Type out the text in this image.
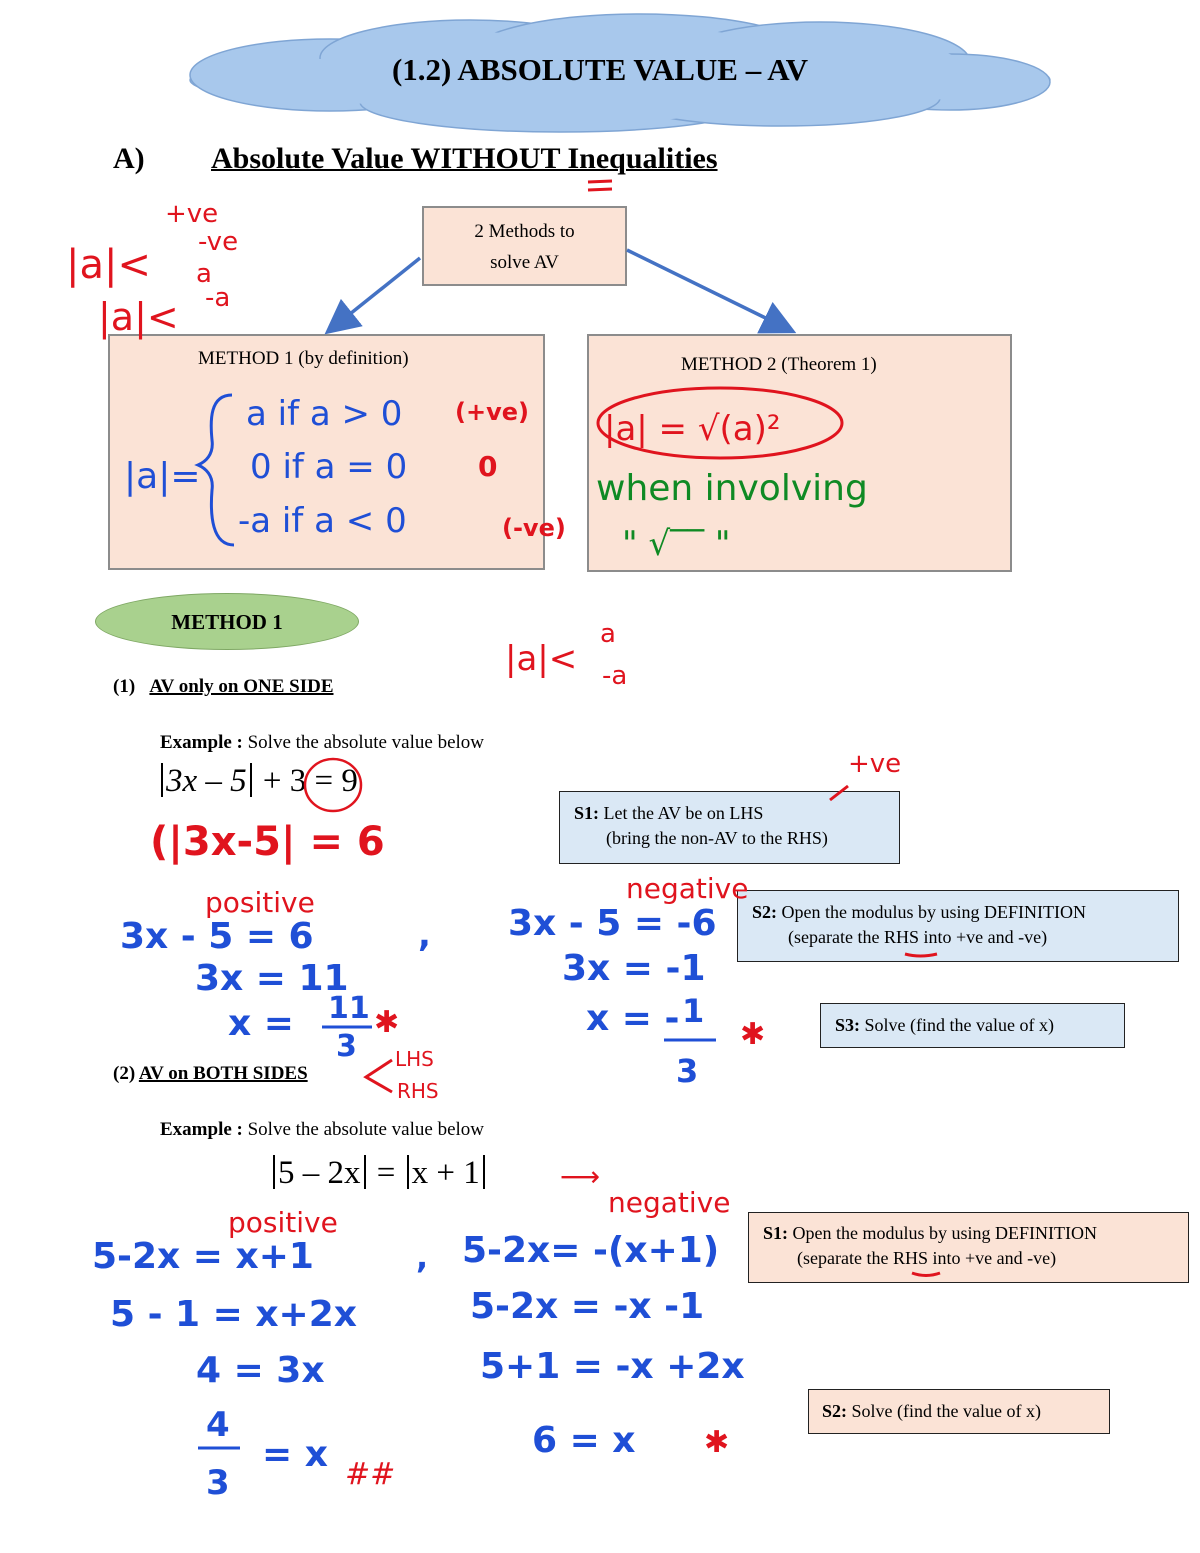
(1.2) ABSOLUTE VALUE – AV
A) Absolute Value WITHOUT Inequalities
2 Methods to
solve AV
METHOD 1 (by definition)	METHOD 2 (Theorem 1)
METHOD 1
(1) AV only on ONE SIDE
Example : Solve the absolute value below
3x – 5 + 3 = 9
S1: Let the AV be on LHS
(bring the non-AV to the RHS)
S2: Open the modulus by using DEFINITION
(separate the RHS into +ve and -ve)
S3: Solve (find the value of x)
(2) AV on BOTH SIDES
Example : Solve the absolute value below
5 – 2x = x + 1
S1: Open the modulus by using DEFINITION
(separate the RHS into +ve and -ve)
S2: Solve (find the value of x)
|a|<
+ve
-ve
a
|a|< -a
|a|=
a if a > 0 (+ve)
0 if a = 0	0
-a if a < 0	(-ve)
|a| = √(a)²
when involving
" √‾‾ "
|a|<
a
-a
+ve
(|3x-5| = 6
positive	negative
3x - 5 = 6	,
3x = 11
x = 11
3
✱
3x - 5 = -6
3x = -1
x = - 1
3
✱
LHS
RHS
⟶
positive
negative
5-2x = x+1	,
5 - 1 = x+2x
4 = 3x
4
3
= x ##
5-2x= -(x+1)
5-2x = -x -1
5+1 = -x +2x
6 = x ✱
